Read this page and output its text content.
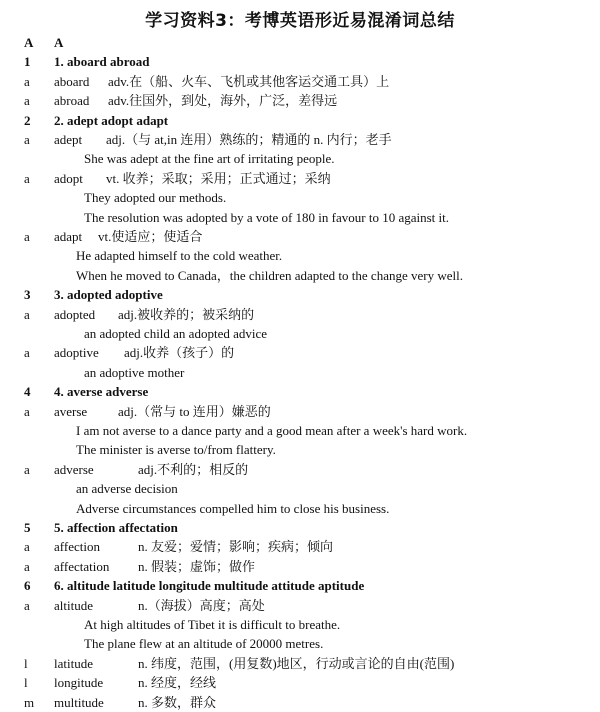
学习资料3：考博英语形近易混淆词总结
A	A
1	1. aboard abroad
a	aboard adv.在（船、火车、飞机或其他客运交通工具）上
a	abroad adv.往国外，到处，海外，广泛，差得远
2	2. adept adopt adapt
a	adept adj.（与 at,in 连用）熟练的；精通的 n. 内行；老手
She was adept at the fine art of irritating people.
a	adopt vt. 收养；采取；采用；正式通过；采纳
They adopted our methods.
The resolution was adopted by a vote of 180 in favour to 10 against it.
a	adapt vt.使适应；使适合
He adapted himself to the cold weather.
When he moved to Canada，the children adapted to the change very well.
3	3. adopted adoptive
a	adopted adj.被收养的；被采纳的
an adopted child an adopted advice
a	adoptive adj.收养（孩子）的
an adoptive mother
4	4. averse adverse
a	averse adj.（常与 to 连用）嫌恶的
I am not averse to a dance party and a good mean after a week's hard work.
The minister is averse to/from flattery.
a	adverse	adj.不利的；相反的
an adverse decision
Adverse circumstances compelled him to close his business.
5	5. affection affectation
a	affection	n. 友爱；爱情；影响；疾病；倾向
a	affectation n. 假装；虚饰；做作
6	6. altitude latitude longitude multitude attitude aptitude
a	altitude	n.（海拔）高度；高处
At high altitudes of Tibet it is difficult to breathe.
The plane flew at an altitude of 20000 metres.
l	latitude	n. 纬度，范围，(用复数)地区，行动或言论的自由(范围)
l	longitude	n. 经度，经线
m multitude	n. 多数，群众
